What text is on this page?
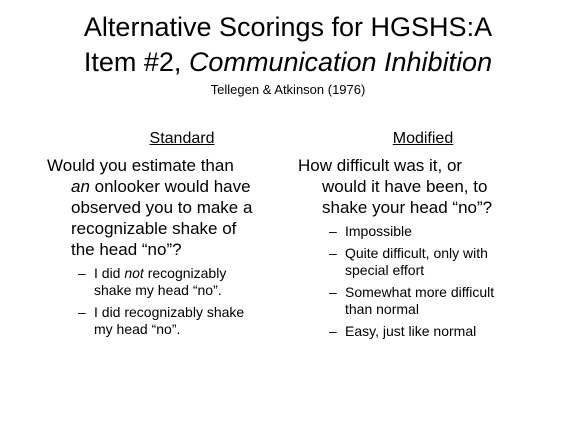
Alternative Scorings for HGSHS:A
Item #2, Communication Inhibition
Tellegen & Atkinson (1976)
Standard
Would you estimate than
an onlooker would have
observed you to make a
recognizable shake of
the head “no”?
– I did not recognizably
shake my head “no”.
– I did recognizably shake
my head “no”.
Modified
How difficult was it, or
would it have been, to
shake your head “no”?
– Impossible
– Quite difficult, only with
special effort
– Somewhat more difficult
than normal
– Easy, just like normal
